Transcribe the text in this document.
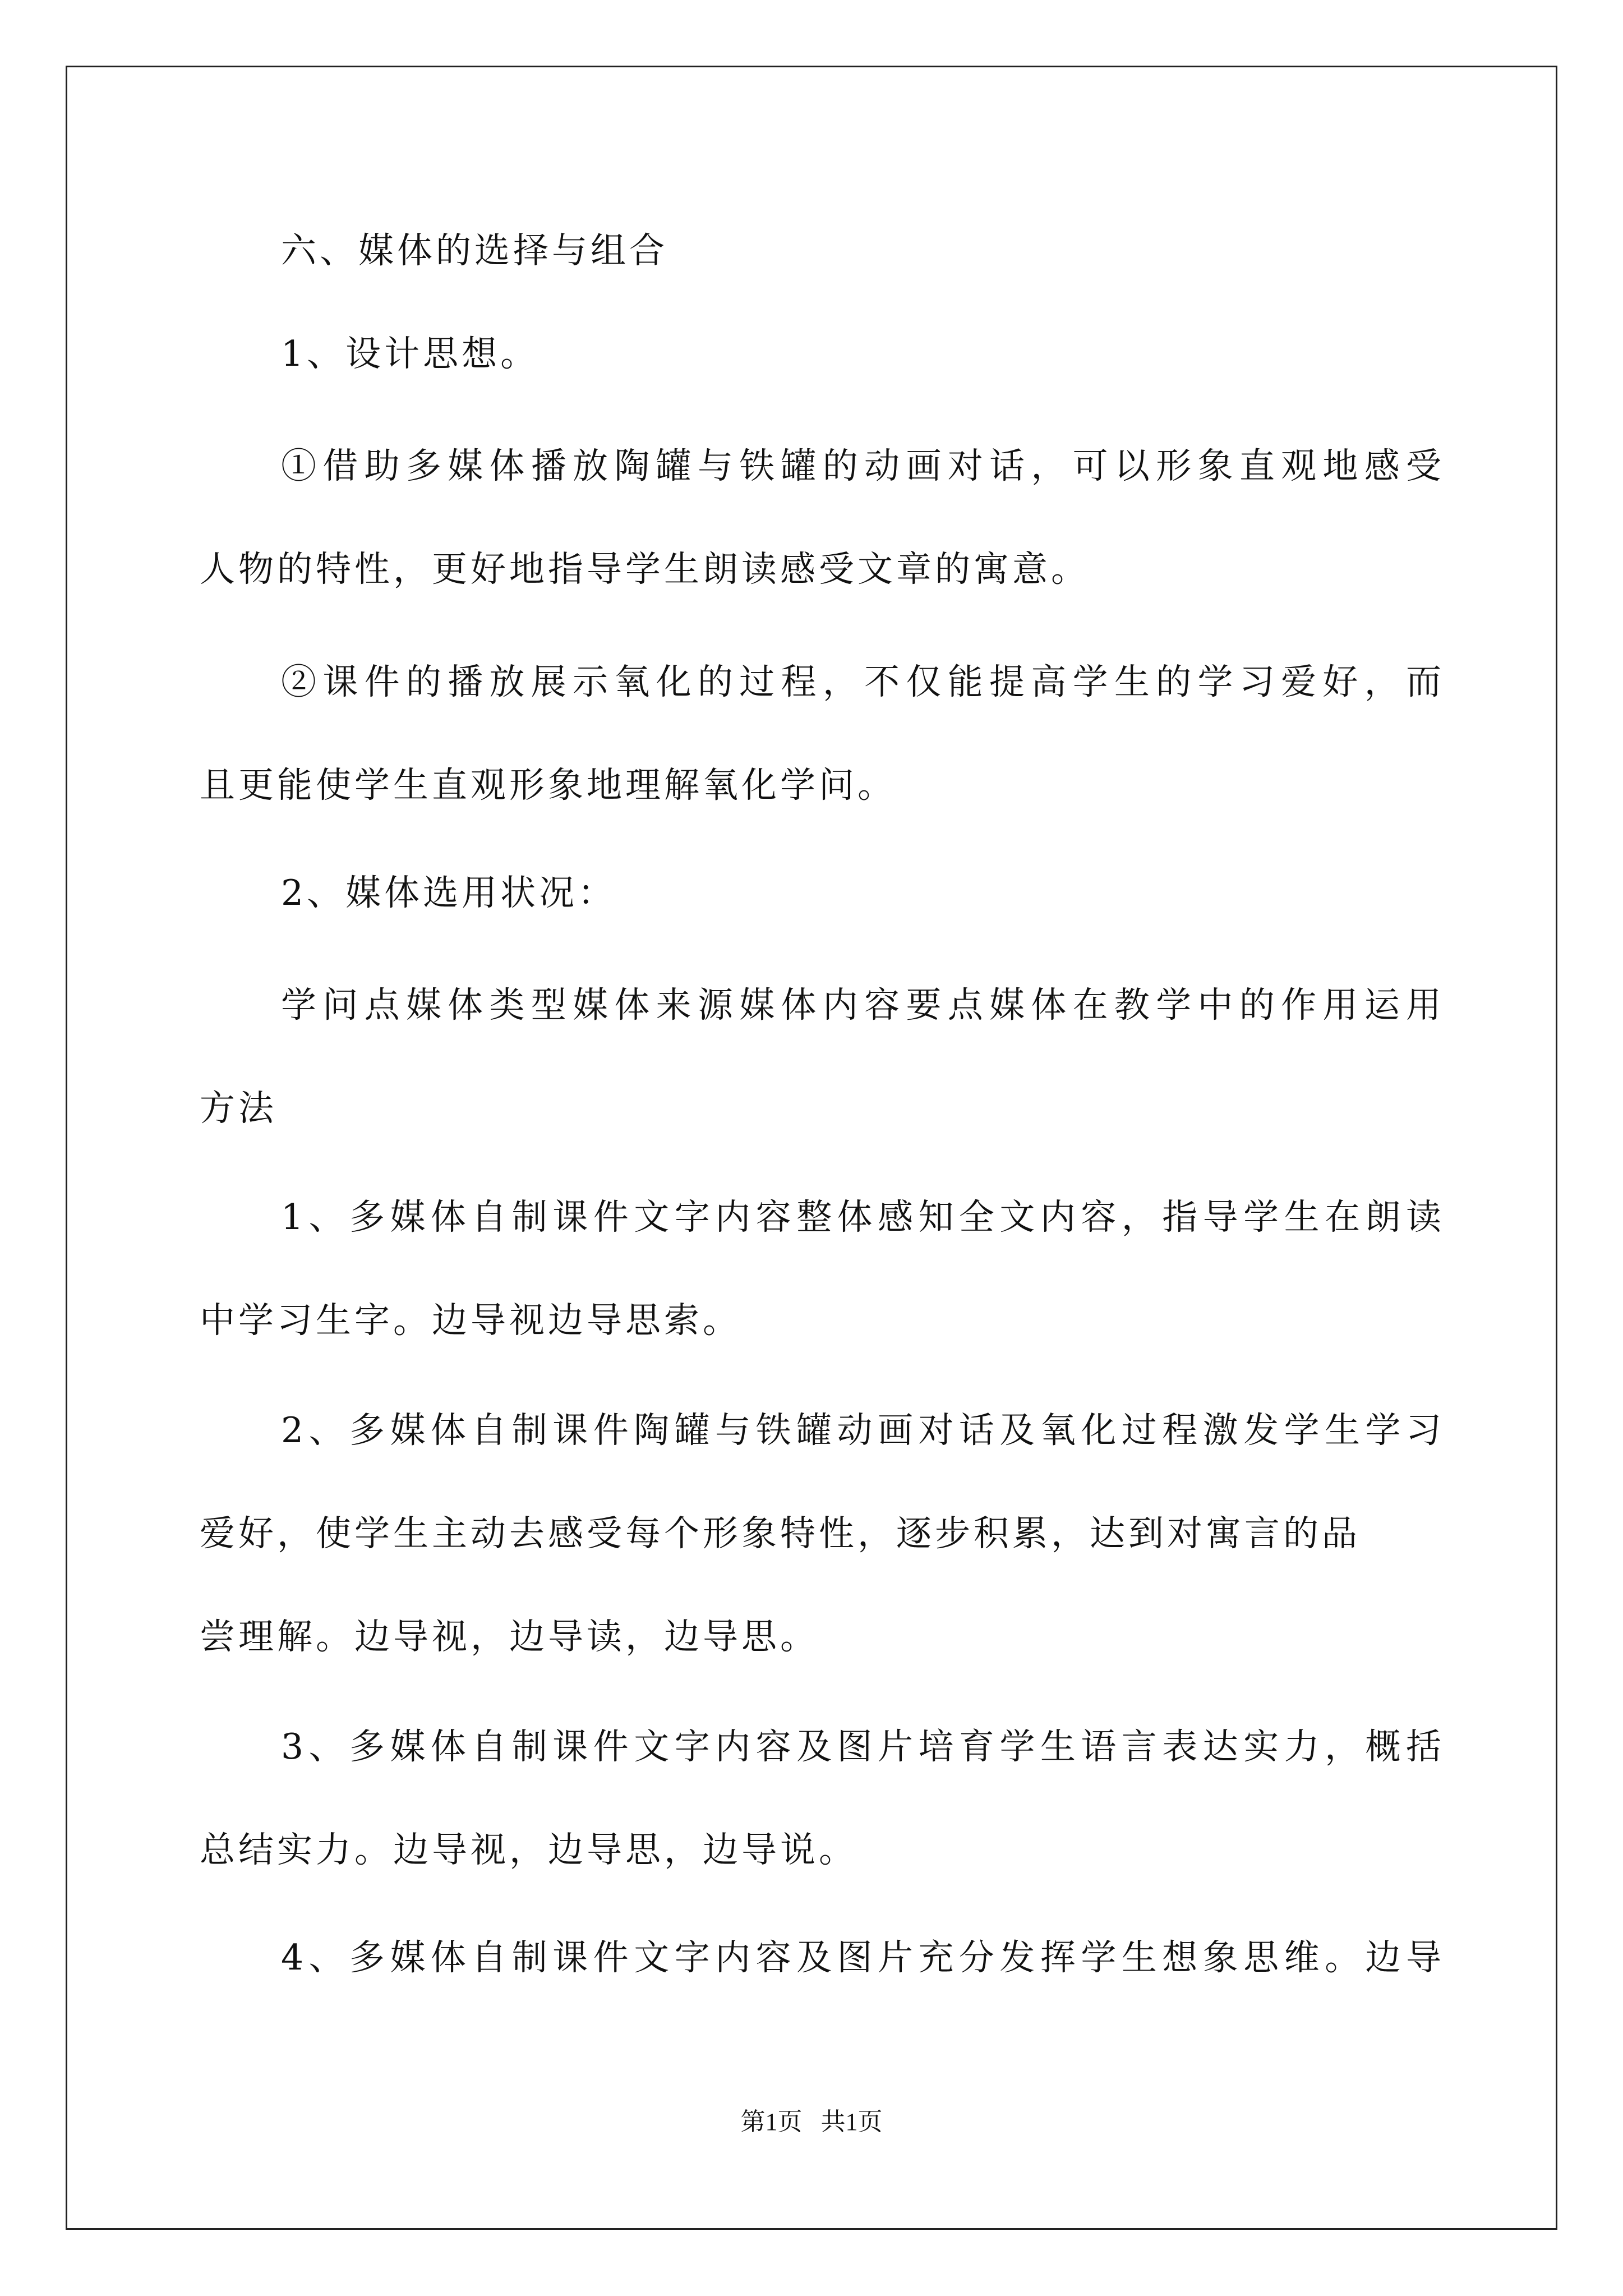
六、媒体的选择与组合

1、设计思想。

①借助多媒体播放陶罐与铁罐的动画对话，可以形象直观地感受
人物的特性，更好地指导学生朗读感受文章的寓意。

②课件的播放展示氧化的过程，不仅能提高学生的学习爱好，而
且更能使学生直观形象地理解氧化学问。

2、媒体选用状况：

学问点媒体类型媒体来源媒体内容要点媒体在教学中的作用运用
方法

1、多媒体自制课件文字内容整体感知全文内容，指导学生在朗读
中学习生字。边导视边导思索。

2、多媒体自制课件陶罐与铁罐动画对话及氧化过程激发学生学习
爱好，使学生主动去感受每个形象特性，逐步积累，达到对寓言的品
尝理解。边导视，边导读，边导思。

3、多媒体自制课件文字内容及图片培育学生语言表达实力，概括
总结实力。边导视，边导思，边导说。

4、多媒体自制课件文字内容及图片充分发挥学生想象思维。边导

第1页 共1页
